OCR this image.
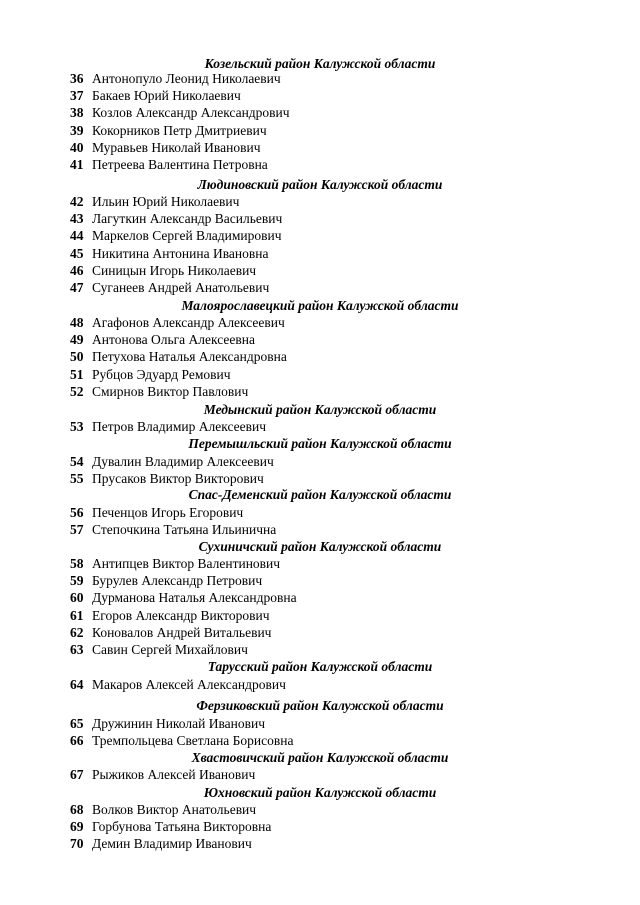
Козельский район Калужской области
36 Антонопуло Леонид Николаевич
37 Бакаев Юрий Николаевич
38 Козлов Александр Александрович
39 Кокорников Петр Дмитриевич
40 Муравьев Николай Иванович
41 Петреева Валентина Петровна
Людиновский район Калужской области
42 Ильин Юрий Николаевич
43 Лагуткин Александр Васильевич
44 Маркелов Сергей Владимирович
45 Никитина Антонина Ивановна
46 Синицын Игорь Николаевич
47 Суганеев Андрей Анатольевич
Малоярославецкий район Калужской области
48 Агафонов Александр Алексеевич
49 Антонова Ольга Алексеевна
50 Петухова Наталья Александровна
51 Рубцов Эдуард Ремович
52 Смирнов Виктор Павлович
Медынский район Калужской области
53 Петров Владимир Алексеевич
Перемышльский район Калужской области
54 Дувалин Владимир Алексеевич
55 Прусаков Виктор Викторович
Спас-Деменский район Калужской области
56 Печенцов Игорь Егорович
57 Степочкина Татьяна Ильинична
Сухиничский район Калужской области
58 Антипцев Виктор Валентинович
59 Бурулев Александр Петрович
60 Дурманова Наталья Александровна
61 Егоров Александр Викторович
62 Коновалов Андрей Витальевич
63 Савин Сергей Михайлович
Тарусский район Калужской области
64 Макаров Алексей Александрович
Ферзиковский район Калужской области
65 Дружинин Николай Иванович
66 Тремпольцева Светлана Борисовна
Хвастовичский район Калужской области
67 Рыжиков Алексей Иванович
Юхновский район Калужской области
68 Волков Виктор Анатольевич
69 Горбунова Татьяна Викторовна
70 Демин Владимир Иванович
